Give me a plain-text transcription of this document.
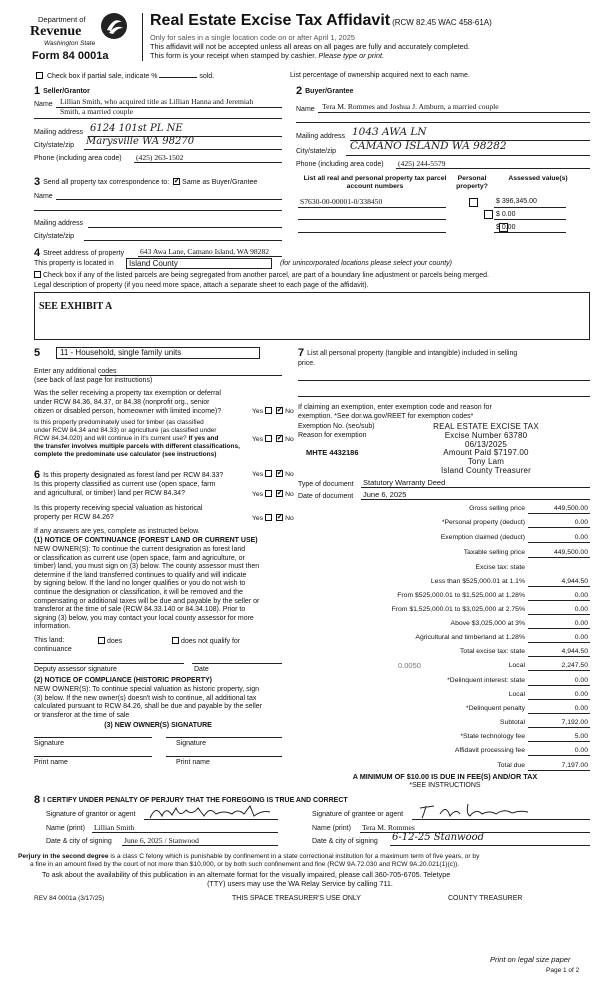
Department of
Revenue
Washington State
Form 84 0001a
Real Estate Excise Tax Affidavit (RCW 82.45 WAC 458-61A)
Only for sales in a single location code on or after April 1, 2025
This affidavit will not be accepted unless all areas on all pages are fully and accurately completed.
This form is your receipt when stamped by cashier. Please type or print.
Check box if partial sale, indicate %	sold.	List percentage of ownership acquired next to each name.
1 Seller/Grantor
Name Lillian Smith, who acquired title as Lillian Hanna and Jeremiah
Smith, a married couple
Mailing address 6124 101st PL NE
City/state/zip Marysville WA 98270
Phone (including area code) (425) 263-1502
2 Buyer/Grantee
Name Tera M. Rommes and Joshua J. Amburn, a married couple
Mailing address 1043 AWA LN
City/state/zip CAMANO ISLAND WA 98282
Phone (including area code) (425) 244-5579
3 Send all property tax correspondence to: ✓ Same as Buyer/Grantee
Name
Mailing address
City/state/zip
List all real and personal property tax parcel account numbers
Personal property?
Assessed value(s)
S7630-00-00001-0/338450
	$ 396,345.00

$ 0.00
$ 0.00
4 Street address of property 643 Awa Lane, Camano Island, WA 98282
This property is located in	Island County	(for unincorporated locations please select your county)
Check box if any of the listed parcels are being segregated from another parcel, are part of a boundary line adjustment or parcels being merged.
Legal description of property (if you need more space, attach a separate sheet to each page of the affidavit).
SEE EXHIBIT A
5	11 - Household, single family units
Enter any additional codes
(see back of last page for instructions)
Was the seller receiving a property tax exemption or deferral
under RCW 84.36, 84.37, or 84.38 (nonprofit org., senior
citizen or disabled person, homeowner with limited income)?	Yes ✓	No
Is this property predominately used for timber (as classified
under RCW 84.34 and 84.33) or agriculture (as classified under
RCW 84.34.020) and will continue in it's current use? If yes and
the transfer involves multiple parcels with different classifications,
complete the predominate use calculator (see instructions)
Yes ✓	No
6 Is this property designated as forest land per RCW 84.33?	Yes ✓	No
Is this property classified as current use (open space, farm
and agricultural, or timber) land per RCW 84.34?	Yes ✓	No
Is this property receiving special valuation as historical
property per RCW 84.26?	Yes ✓	No
If any answers are yes, complete as instructed below.
(1) NOTICE OF CONTINUANCE (FOREST LAND OR CURRENT USE)
NEW OWNER(S): To continue the current designation as forest land
or classification as current use (open space, farm and agriculture, or
timber) land, you must sign on (3) below. The county assessor must then
determine if the land transferred continues to qualify and will indicate
by signing below. If the land no longer qualifies or you do not wish to
continue the designation or classification, it will be removed and the
compensating or additional taxes will be due and payable by the seller or
transferor at the time of sale (RCW 84.33.140 or 84.34.108). Prior to
signing (3) below, you may contact your local county assessor for more
information.
This land:	does	does not qualify for
continuance
Deputy assessor signature	Date
(2) NOTICE OF COMPLIANCE (HISTORIC PROPERTY)
NEW OWNER(S): To continue special valuation as historic property, sign
(3) below. If the new owner(s) doesn't wish to continue, all additional tax
calculated pursuant to RCW 84.26, shall be due and payable by the seller
or transferor at the time of sale
(3) NEW OWNER(S) SIGNATURE
Signature	Signature
Print name	Print name
7 List all personal property (tangible and intangible) included in selling
price.
If claiming an exemption, enter exemption code and reason for
exemption. *See dor.wa.gov/REET for exemption codes*
Exemption No. (sec/sub)
Reason for exemption
MHTE 4432186
REAL ESTATE EXCISE TAX
Excise Number 63780
06/13/2025
Amount Paid $7197.00
Tony Lam
Island County Treasurer
Type of document Statutory Warranty Deed
Date of document June 6, 2025
Gross selling price	449,500.00
*Personal property (deduct)	0.00
Exemption claimed (deduct)	0.00
Taxable selling price	449,500.00
Excise tax: state
Less than $525,000.01 at 1.1%	4,944.50
From $525,000.01 to $1,525,000 at 1.28%	0.00
From $1,525,000.01 to $3,025,000 at 2.75%	0.00
Above $3,025,000 at 3%	0.00
Agricultural and timberland at 1.28%	0.00
Total excise tax: state	4,944.50
0.0050	Local	2,247.50
*Delinquent interest: state	0.00
Local	0.00
*Delinquent penalty	0.00
Subtotal	7,192.00
*State technology fee	5.00
Affidavit processing fee	0.00
Total due	7,197.00
A MINIMUM OF $10.00 IS DUE IN FEE(S) AND/OR TAX
*SEE INSTRUCTIONS
8 I CERTIFY UNDER PENALTY OF PERJURY THAT THE FOREGOING IS TRUE AND CORRECT
Signature of grantor or agent
Name (print) Lillian Smith
Date & city of signing June 6, 2025 / Stanwood
Signature of grantee or agent
Name (print) Tera M. Rommes
Date & city of signing 6-12-25 Stanwood
Perjury in the second degree is a class C felony which is punishable by confinement in a state correctional institution for a maximum term of five years, or by
a fine in an amount fixed by the court of not more than $10,000, or by both such confinement and fine (RCW 9A.72.030 and RCW 9A.20.021(1)(c)).
To ask about the availability of this publication in an alternate format for the visually impaired, please call 360-705-6705. Teletype
(TTY) users may use the WA Relay Service by calling 711.
REV 84 0001a (3/17/25)	THIS SPACE TREASURER'S USE ONLY	COUNTY TREASURER
Print on legal size paper
Page 1 of 2
